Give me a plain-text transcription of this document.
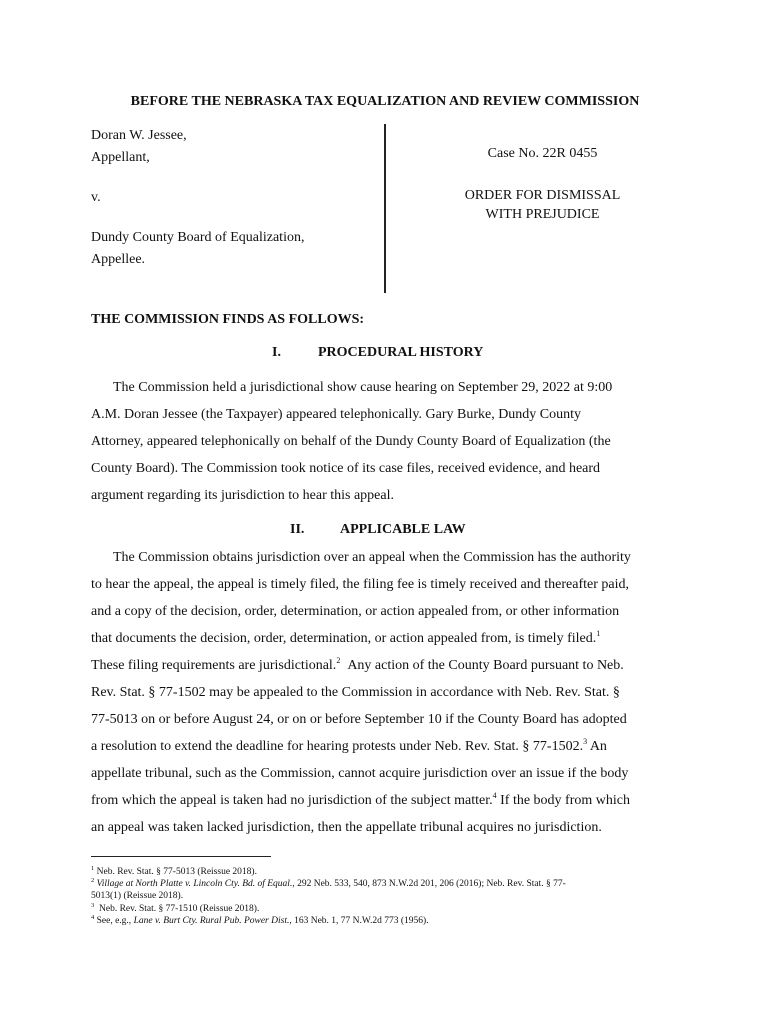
BEFORE THE NEBRASKA TAX EQUALIZATION AND REVIEW COMMISSION
Doran W. Jessee,
Appellant,
v.
Dundy County Board of Equalization,
Appellee.
Case No. 22R 0455
ORDER FOR DISMISSAL
WITH PREJUDICE
THE COMMISSION FINDS AS FOLLOWS:
I.	PROCEDURAL HISTORY
The Commission held a jurisdictional show cause hearing on September 29, 2022 at 9:00
A.M. Doran Jessee (the Taxpayer) appeared telephonically. Gary Burke, Dundy County
Attorney, appeared telephonically on behalf of the Dundy County Board of Equalization (the
County Board). The Commission took notice of its case files, received evidence, and heard
argument regarding its jurisdiction to hear this appeal.
II.	APPLICABLE LAW
The Commission obtains jurisdiction over an appeal when the Commission has the authority
to hear the appeal, the appeal is timely filed, the filing fee is timely received and thereafter paid,
and a copy of the decision, order, determination, or action appealed from, or other information
that documents the decision, order, determination, or action appealed from, is timely filed.$^1$
These filing requirements are jurisdictional.$^2$ Any action of the County Board pursuant to Neb.
Rev. Stat. § 77-1502 may be appealed to the Commission in accordance with Neb. Rev. Stat. §
77-5013 on or before August 24, or on or before September 10 if the County Board has adopted
a resolution to extend the deadline for hearing protests under Neb. Rev. Stat. § 77-1502.$^3$ An
appellate tribunal, such as the Commission, cannot acquire jurisdiction over an issue if the body
from which the appeal is taken had no jurisdiction of the subject matter.$^4$ If the body from which
an appeal was taken lacked jurisdiction, then the appellate tribunal acquires no jurisdiction.
$^1$ Neb. Rev. Stat. § 77-5013 (Reissue 2018).
$^2$ Village at North Platte v. Lincoln Cty. Bd. of Equal., 292 Neb. 533, 540, 873 N.W.2d 201, 206 (2016); Neb. Rev. Stat. § 77-
5013(1) (Reissue 2018).
$^3$ Neb. Rev. Stat. § 77-1510 (Reissue 2018).
$^4$ See, e.g., Lane v. Burt Cty. Rural Pub. Power Dist., 163 Neb. 1, 77 N.W.2d 773 (1956).
